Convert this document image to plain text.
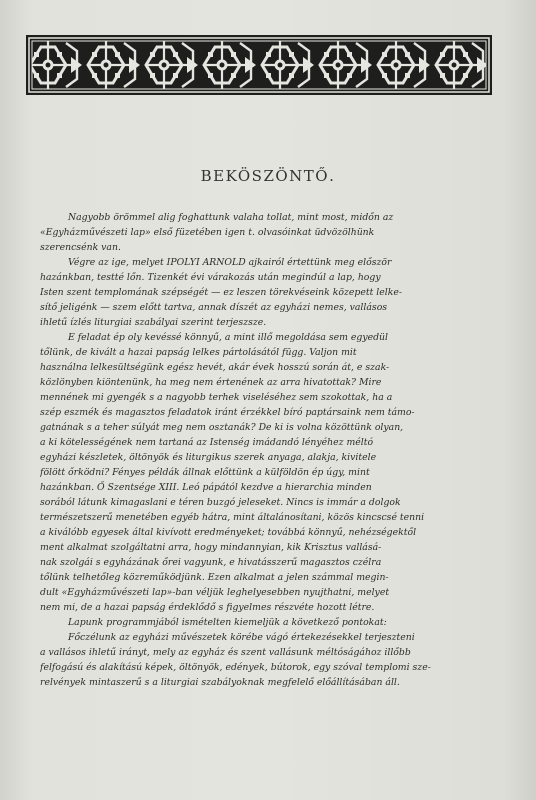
BEKÖSZÖNTŐ.
Nagyobb örömmel alig foghattunk valaha tollat, mint most, midőn az
«Egyházművészeti lap» első füzetében igen t. olvasóinkat üdvözölhünk
szerencsénk van.
Végre az ige, melyet IPOLYI ARNOLD ajkairól értettünk meg először
hazánkban, testté lőn. Tizenkét évi várakozás után megindúl a lap, hogy
Isten szent templomának szépségét — ez leszen törekvéseink közepett lelke-
sítő jeligénk — szem előtt tartva, annak díszét az egyházi nemes, vallásos
ihletű ízlés liturgiai szabályai szerint terjeszsze.
E feladat ép oly kevéssé könnyű, a mint illő megoldása sem egyedül
tőlünk, de kivált a hazai papság lelkes pártolásától függ. Valjon mit
használna lelkesültségünk egész hevét, akár évek hosszú során át, e szak-
közlönyben kiöntenünk, ha meg nem értenének az arra hivatottak? Mire
mennének mi gyengék s a nagyobb terhek viseléséhez sem szokottak, ha a
szép eszmék és magasztos feladatok iránt érzékkel bíró paptársaink nem támo-
gatnának s a teher súlyát meg nem osztanák? De ki is volna közöttünk olyan,
a ki kötelességének nem tartaná az Istenség imádandó lényéhez méltó
egyházi készletek, öltönyök és liturgikus szerek anyaga, alakja, kivitele
fölött őrködni? Fényes példák állnak előttünk a külföldön ép úgy, mint
hazánkban. Ő Szentsége XIII. Leó pápától kezdve a hierarchia minden
sorából látunk kimagaslani e téren buzgó jeleseket. Nincs is immár a dolgok
természetszerű menetében egyéb hátra, mint általánosítani, közös kincscsé tenni
a kiválóbb egyesek által kivívott eredményeket; továbbá könnyű, nehézségektől
ment alkalmat szolgáltatni arra, hogy mindannyian, kik Krisztus vallásá-
nak szolgái s egyházának őrei vagyunk, e hivatásszerű magasztos czélra
tőlünk telhetőleg közreműködjünk. Ezen alkalmat a jelen számmal megin-
dult «Egyházművészeti lap»-ban véljük leghelyesebben nyujthatni, melyet
nem mi, de a hazai papság érdeklődő s figyelmes részvéte hozott létre.
Lapunk programmjából ismételten kiemeljük a következő pontokat:
Főczélunk az egyházi művészetek körébe vágó értekezésekkel terjeszteni
a vallásos ihletű irányt, mely az egyház és szent vallásunk méltóságához illőbb
felfogású és alakítású képek, öltönyök, edények, bútorok, egy szóval templomi sze-
relvények mintaszerű s a liturgiai szabályoknak megfelelő előállításában áll.
